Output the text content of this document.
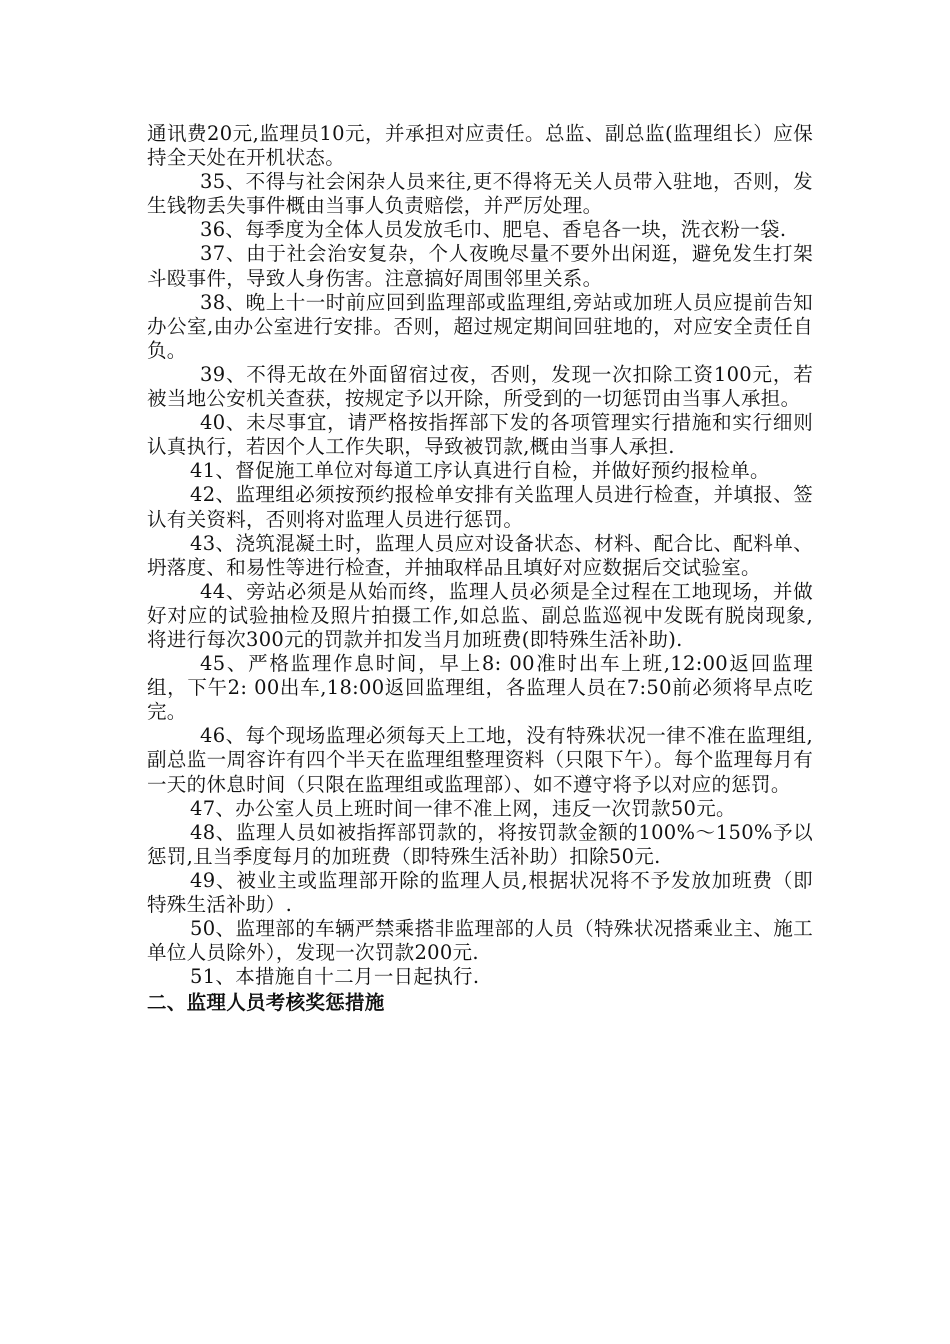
通讯费20元,监理员10元，并承担对应责任。总监、副总监(监理组长）应保持全天处在开机状态。

35、不得与社会闲杂人员来往,更不得将无关人员带入驻地，否则，发生钱物丢失事件概由当事人负责赔偿，并严厉处理。

36、每季度为全体人员发放毛巾、肥皂、香皂各一块，洗衣粉一袋.

37、由于社会治安复杂，个人夜晚尽量不要外出闲逛，避免发生打架斗殴事件，导致人身伤害。注意搞好周围邻里关系。

38、晚上十一时前应回到监理部或监理组,旁站或加班人员应提前告知办公室,由办公室进行安排。否则，超过规定期间回驻地的，对应安全责任自负。

39、不得无故在外面留宿过夜，否则，发现一次扣除工资100元，若被当地公安机关查获，按规定予以开除，所受到的一切惩罚由当事人承担。

40、未尽事宜，请严格按指挥部下发的各项管理实行措施和实行细则认真执行，若因个人工作失职，导致被罚款,概由当事人承担.

41、督促施工单位对每道工序认真进行自检，并做好预约报检单。

42、监理组必须按预约报检单安排有关监理人员进行检查，并填报、签认有关资料，否则将对监理人员进行惩罚。

43、浇筑混凝土时，监理人员应对设备状态、材料、配合比、配料单、坍落度、和易性等进行检查，并抽取样品且填好对应数据后交试验室。

44、旁站必须是从始而终，监理人员必须是全过程在工地现场，并做好对应的试验抽检及照片拍摄工作,如总监、副总监巡视中发既有脱岗现象,将进行每次300元的罚款并扣发当月加班费(即特殊生活补助).

45、严格监理作息时间，早上8: 00准时出车上班,12:00返回监理组，下午2: 00出车,18:00返回监理组，各监理人员在7:50前必须将早点吃完。

46、每个现场监理必须每天上工地，没有特殊状况一律不准在监理组,副总监一周容许有四个半天在监理组整理资料（只限下午）。每个监理每月有一天的休息时间（只限在监理组或监理部）、如不遵守将予以对应的惩罚。

47、办公室人员上班时间一律不准上网，违反一次罚款50元。

48、监理人员如被指挥部罚款的，将按罚款金额的100%～150%予以惩罚,且当季度每月的加班费（即特殊生活补助）扣除50元.

49、被业主或监理部开除的监理人员,根据状况将不予发放加班费（即特殊生活补助）.

50、监理部的车辆严禁乘搭非监理部的人员（特殊状况搭乘业主、施工单位人员除外），发现一次罚款200元.

51、本措施自十二月一日起执行.

二、监理人员考核奖惩措施
